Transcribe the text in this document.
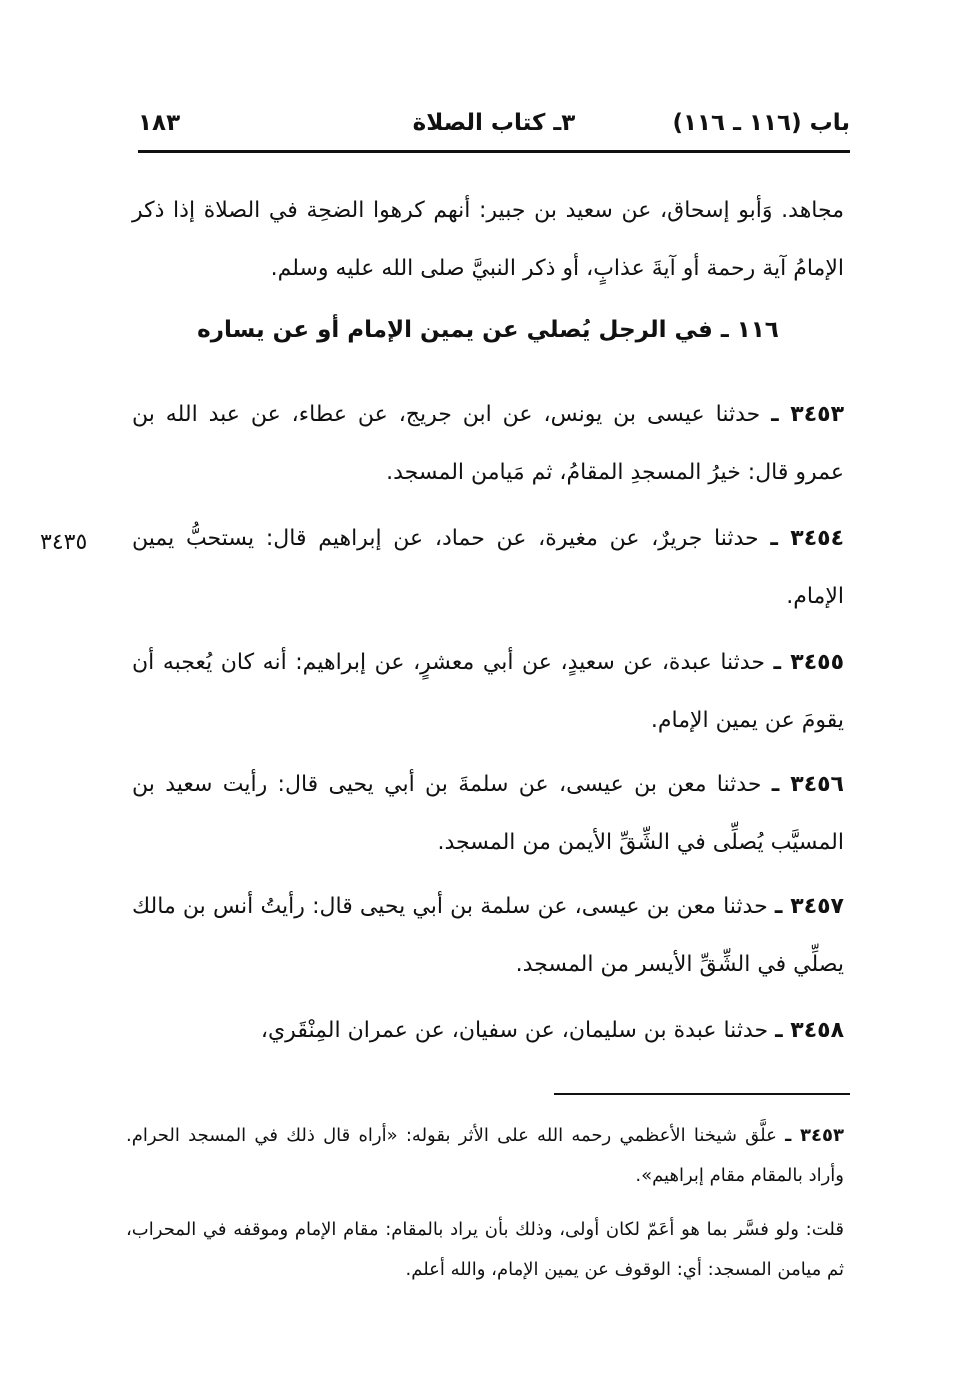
باب (١١٦ ـ ١١٦)
٣ـ كتاب الصلاة
١٨٣

مجاهد. وَأبو إسحاق، عن سعيد بن جبير: أنهم كرهوا الضحِة في الصلاة إذا ذكر الإمامُ آية رحمة أو آيةَ عذابٍ، أو ذكر النبيَّ صلى الله عليه وسلم.

١١٦ ـ في الرجل يُصلي عن يمين الإمام أو عن يساره
٣٤٥٣ ـ حدثنا عيسى بن يونس، عن ابن جريج، عن عطاء، عن عبد الله بن عمرو قال: خيرُ المسجدِ المقامُ، ثم مَيامن المسجد.
٣٤٥٤ ـ حدثنا جريرٌ، عن مغيرة، عن حماد، عن إبراهيم قال: يستحبُّ يمين الإمام.
٣٤٣٥
٣٤٥٥ ـ حدثنا عبدة، عن سعيدٍ، عن أبي معشرٍ، عن إبراهيم: أنه كان يُعجبه أن يقومَ عن يمين الإمام.
٣٤٥٦ ـ حدثنا معن بن عيسى، عن سلمةَ بن أبي يحيى قال: رأيت سعيد بن المسيَّب يُصلِّى في الشِّقِّ الأيمن من المسجد.
٣٤٥٧ ـ حدثنا معن بن عيسى، عن سلمة بن أبي يحيى قال: رأيتُ أنس بن مالك يصلِّي في الشِّقِّ الأيسر من المسجد.
٣٤٥٨ ـ حدثنا عبدة بن سليمان، عن سفيان، عن عمران المِنْقَري،
٣٤٥٣ ـ علَّق شيخنا الأعظمي رحمه الله على الأثر بقوله: «أراه قال ذلك في المسجد الحرام. وأراد بالمقام مقام إبراهيم».
قلت: ولو فسَّر بما هو أعَمّ لكان أولى، وذلك بأن يراد بالمقام: مقام الإمام وموقفه في المحراب، ثم ميامن المسجد: أي: الوقوف عن يمين الإمام، والله أعلم.
